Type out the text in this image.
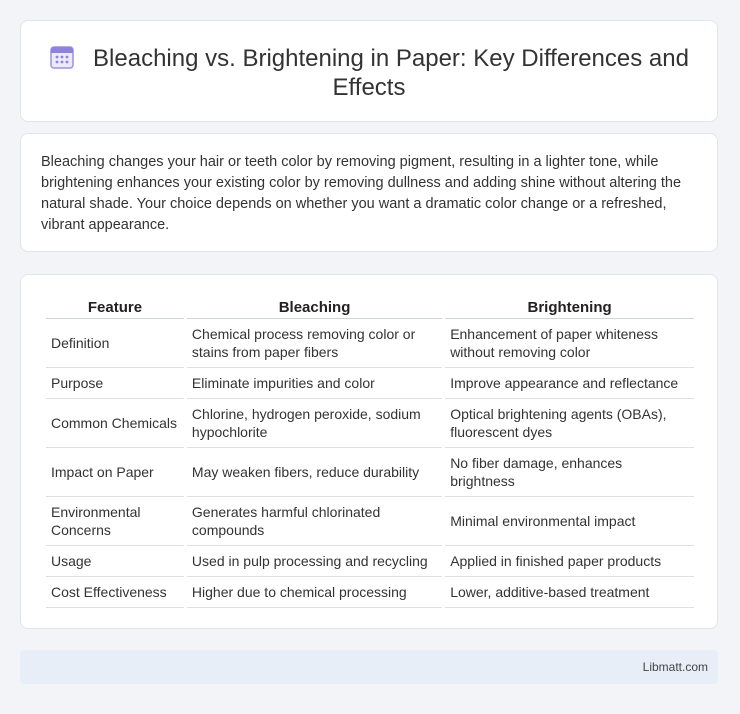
Bleaching vs. Brightening in Paper: Key Differences and Effects

Bleaching changes your hair or teeth color by removing pigment, resulting in a lighter tone, while brightening enhances your existing color by removing dullness and adding shine without altering the natural shade. Your choice depends on whether you want a dramatic color change or a refreshed, vibrant appearance.

Feature	Bleaching	Brightening
Definition	Chemical process removing color or stains from paper fibers	Enhancement of paper whiteness without removing color
Purpose	Eliminate impurities and color	Improve appearance and reflectance
Common Chemicals	Chlorine, hydrogen peroxide, sodium hypochlorite	Optical brightening agents (OBAs), fluorescent dyes
Impact on Paper	May weaken fibers, reduce durability	No fiber damage, enhances brightness
Environmental Concerns	Generates harmful chlorinated compounds	Minimal environmental impact
Usage	Used in pulp processing and recycling	Applied in finished paper products
Cost Effectiveness	Higher due to chemical processing	Lower, additive-based treatment
Libmatt.com
